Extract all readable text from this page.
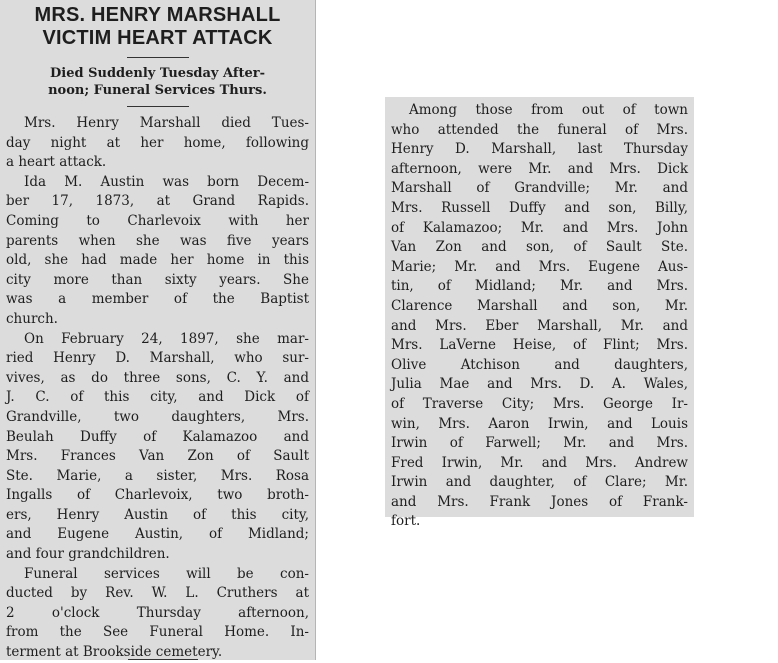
MRS. HENRY MARSHALL
VICTIM HEART ATTACK
Died Suddenly Tuesday After-
noon; Funeral Services Thurs.

Mrs. Henry Marshall died Tues-
day night at her home, following
a heart attack.

Ida M. Austin was born Decem-
ber 17, 1873, at Grand Rapids.
Coming to Charlevoix with her
parents when she was five years
old, she had made her home in this
city more than sixty years. She
was a member of the Baptist
church.

On February 24, 1897, she mar-
ried Henry D. Marshall, who sur-
vives, as do three sons, C. Y. and
J. C. of this city, and Dick of
Grandville, two daughters, Mrs.
Beulah Duffy of Kalamazoo and
Mrs. Frances Van Zon of Sault
Ste. Marie, a sister, Mrs. Rosa
Ingalls of Charlevoix, two broth-
ers, Henry Austin of this city,
and Eugene Austin, of Midland;
and four grandchildren.

Funeral services will be con-
ducted by Rev. W. L. Cruthers at
2 o'clock Thursday afternoon,
from the See Funeral Home. In-
terment at Brookside cemetery.

Among those from out of town
who attended the funeral of Mrs.
Henry D. Marshall, last Thursday
afternoon, were Mr. and Mrs. Dick
Marshall of Grandville; Mr. and
Mrs. Russell Duffy and son, Billy,
of Kalamazoo; Mr. and Mrs. John
Van Zon and son, of Sault Ste.
Marie; Mr. and Mrs. Eugene Aus-
tin, of Midland; Mr. and Mrs.
Clarence Marshall and son, Mr.
and Mrs. Eber Marshall, Mr. and
Mrs. LaVerne Heise, of Flint; Mrs.
Olive Atchison and daughters,
Julia Mae and Mrs. D. A. Wales,
of Traverse City; Mrs. George Ir-
win, Mrs. Aaron Irwin, and Louis
Irwin of Farwell; Mr. and Mrs.
Fred Irwin, Mr. and Mrs. Andrew
Irwin and daughter, of Clare; Mr.
and Mrs. Frank Jones of Frank-
fort.
